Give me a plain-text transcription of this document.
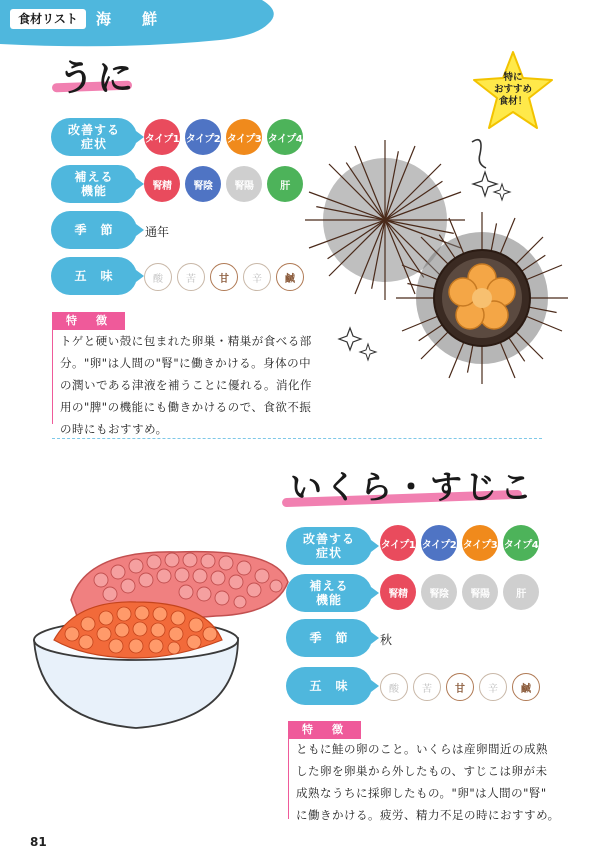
食材リスト	海　鮮
うに	特に
おすすめ
食材！
改善する
症状	タイプ1 タイプ2 タイプ3 タイプ4
補える
機能	腎精	腎陰	腎陽	肝
季　節	通年
五　味	酸	苦	甘	辛	鹹
特　徴
トゲと硬い殻に包まれた卵巣・精巣が食べる部
分。"卵"は人間の"腎"に働きかける。身体の中
の潤いである津液を補うことに優れる。消化作
用の"脾"の機能にも働きかけるので、食欲不振
の時にもおすすめ。
いくら・すじこ
改善する
症状
タイプ1 タイプ2 タイプ3 タイプ4
補える
機能	腎精	腎陰	腎陽	肝
季　節	秋
五　味	酸	苦	甘	辛	鹹
特　徴
ともに鮭の卵のこと。いくらは産卵間近の成熟
した卵を卵巣から外したもの、すじこは卵が未
成熟なうちに採卵したもの。"卵"は人間の"腎"
に働きかける。疲労、精力不足の時におすすめ。
81
